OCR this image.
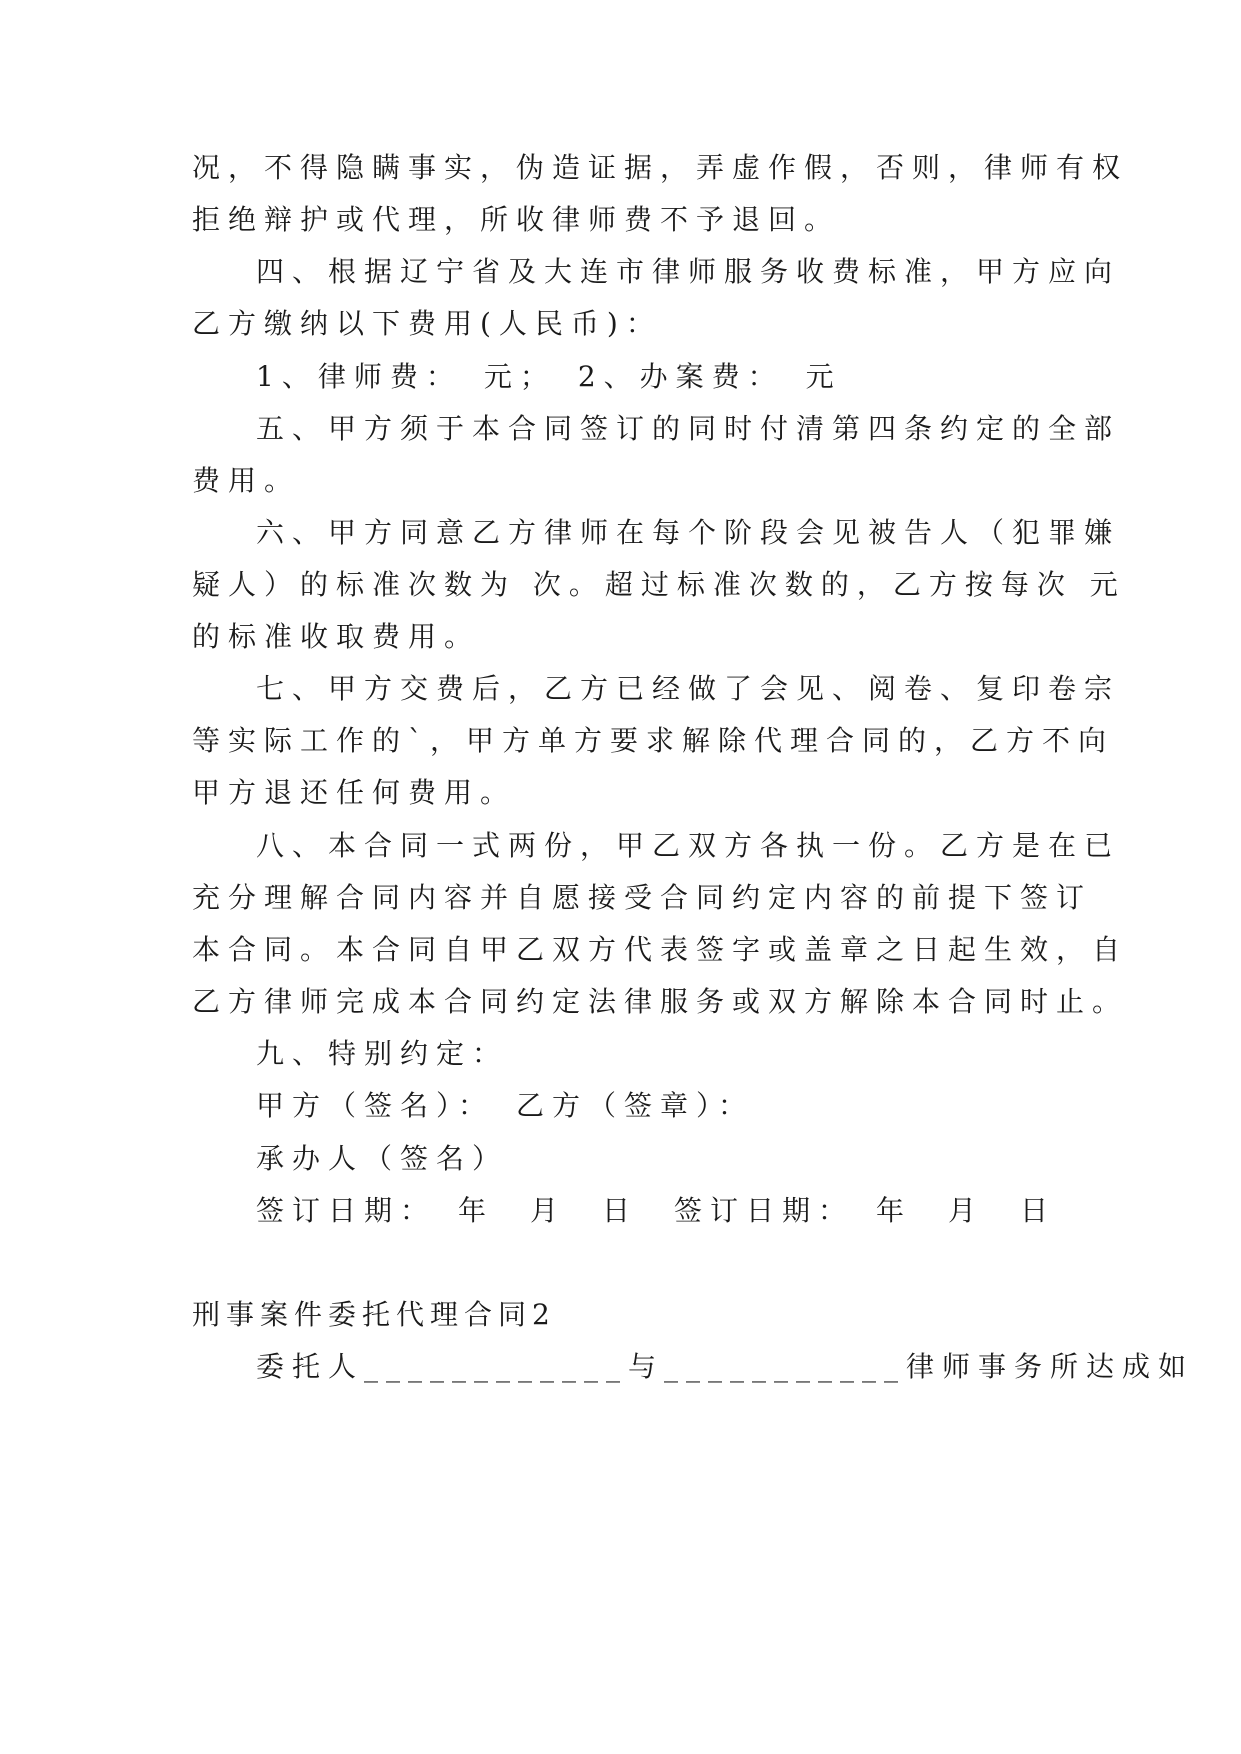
况，不得隐瞒事实，伪造证据，弄虚作假，否则，律师有权
拒绝辩护或代理，所收律师费不予退回。
四、根据辽宁省及大连市律师服务收费标准，甲方应向
乙方缴纳以下费用(人民币)：
1、律师费：　元；　2、办案费：　元
五、甲方须于本合同签订的同时付清第四条约定的全部
费用。
六、甲方同意乙方律师在每个阶段会见被告人（犯罪嫌
疑人）的标准次数为 次。超过标准次数的，乙方按每次 元
的标准收取费用。
七、甲方交费后，乙方已经做了会见、阅卷、复印卷宗
等实际工作的`，甲方单方要求解除代理合同的，乙方不向
甲方退还任何费用。
八、本合同一式两份，甲乙双方各执一份。乙方是在已
充分理解合同内容并自愿接受合同约定内容的前提下签订
本合同。本合同自甲乙双方代表签字或盖章之日起生效，自
乙方律师完成本合同约定法律服务或双方解除本合同时止。
九、特别约定：
甲方（签名）：　乙方（签章）：
承办人（签名）
签订日期：　年　月　日　签订日期：　年　月　日
刑事案件委托代理合同2
委托人____________与___________律师事务所达成如
